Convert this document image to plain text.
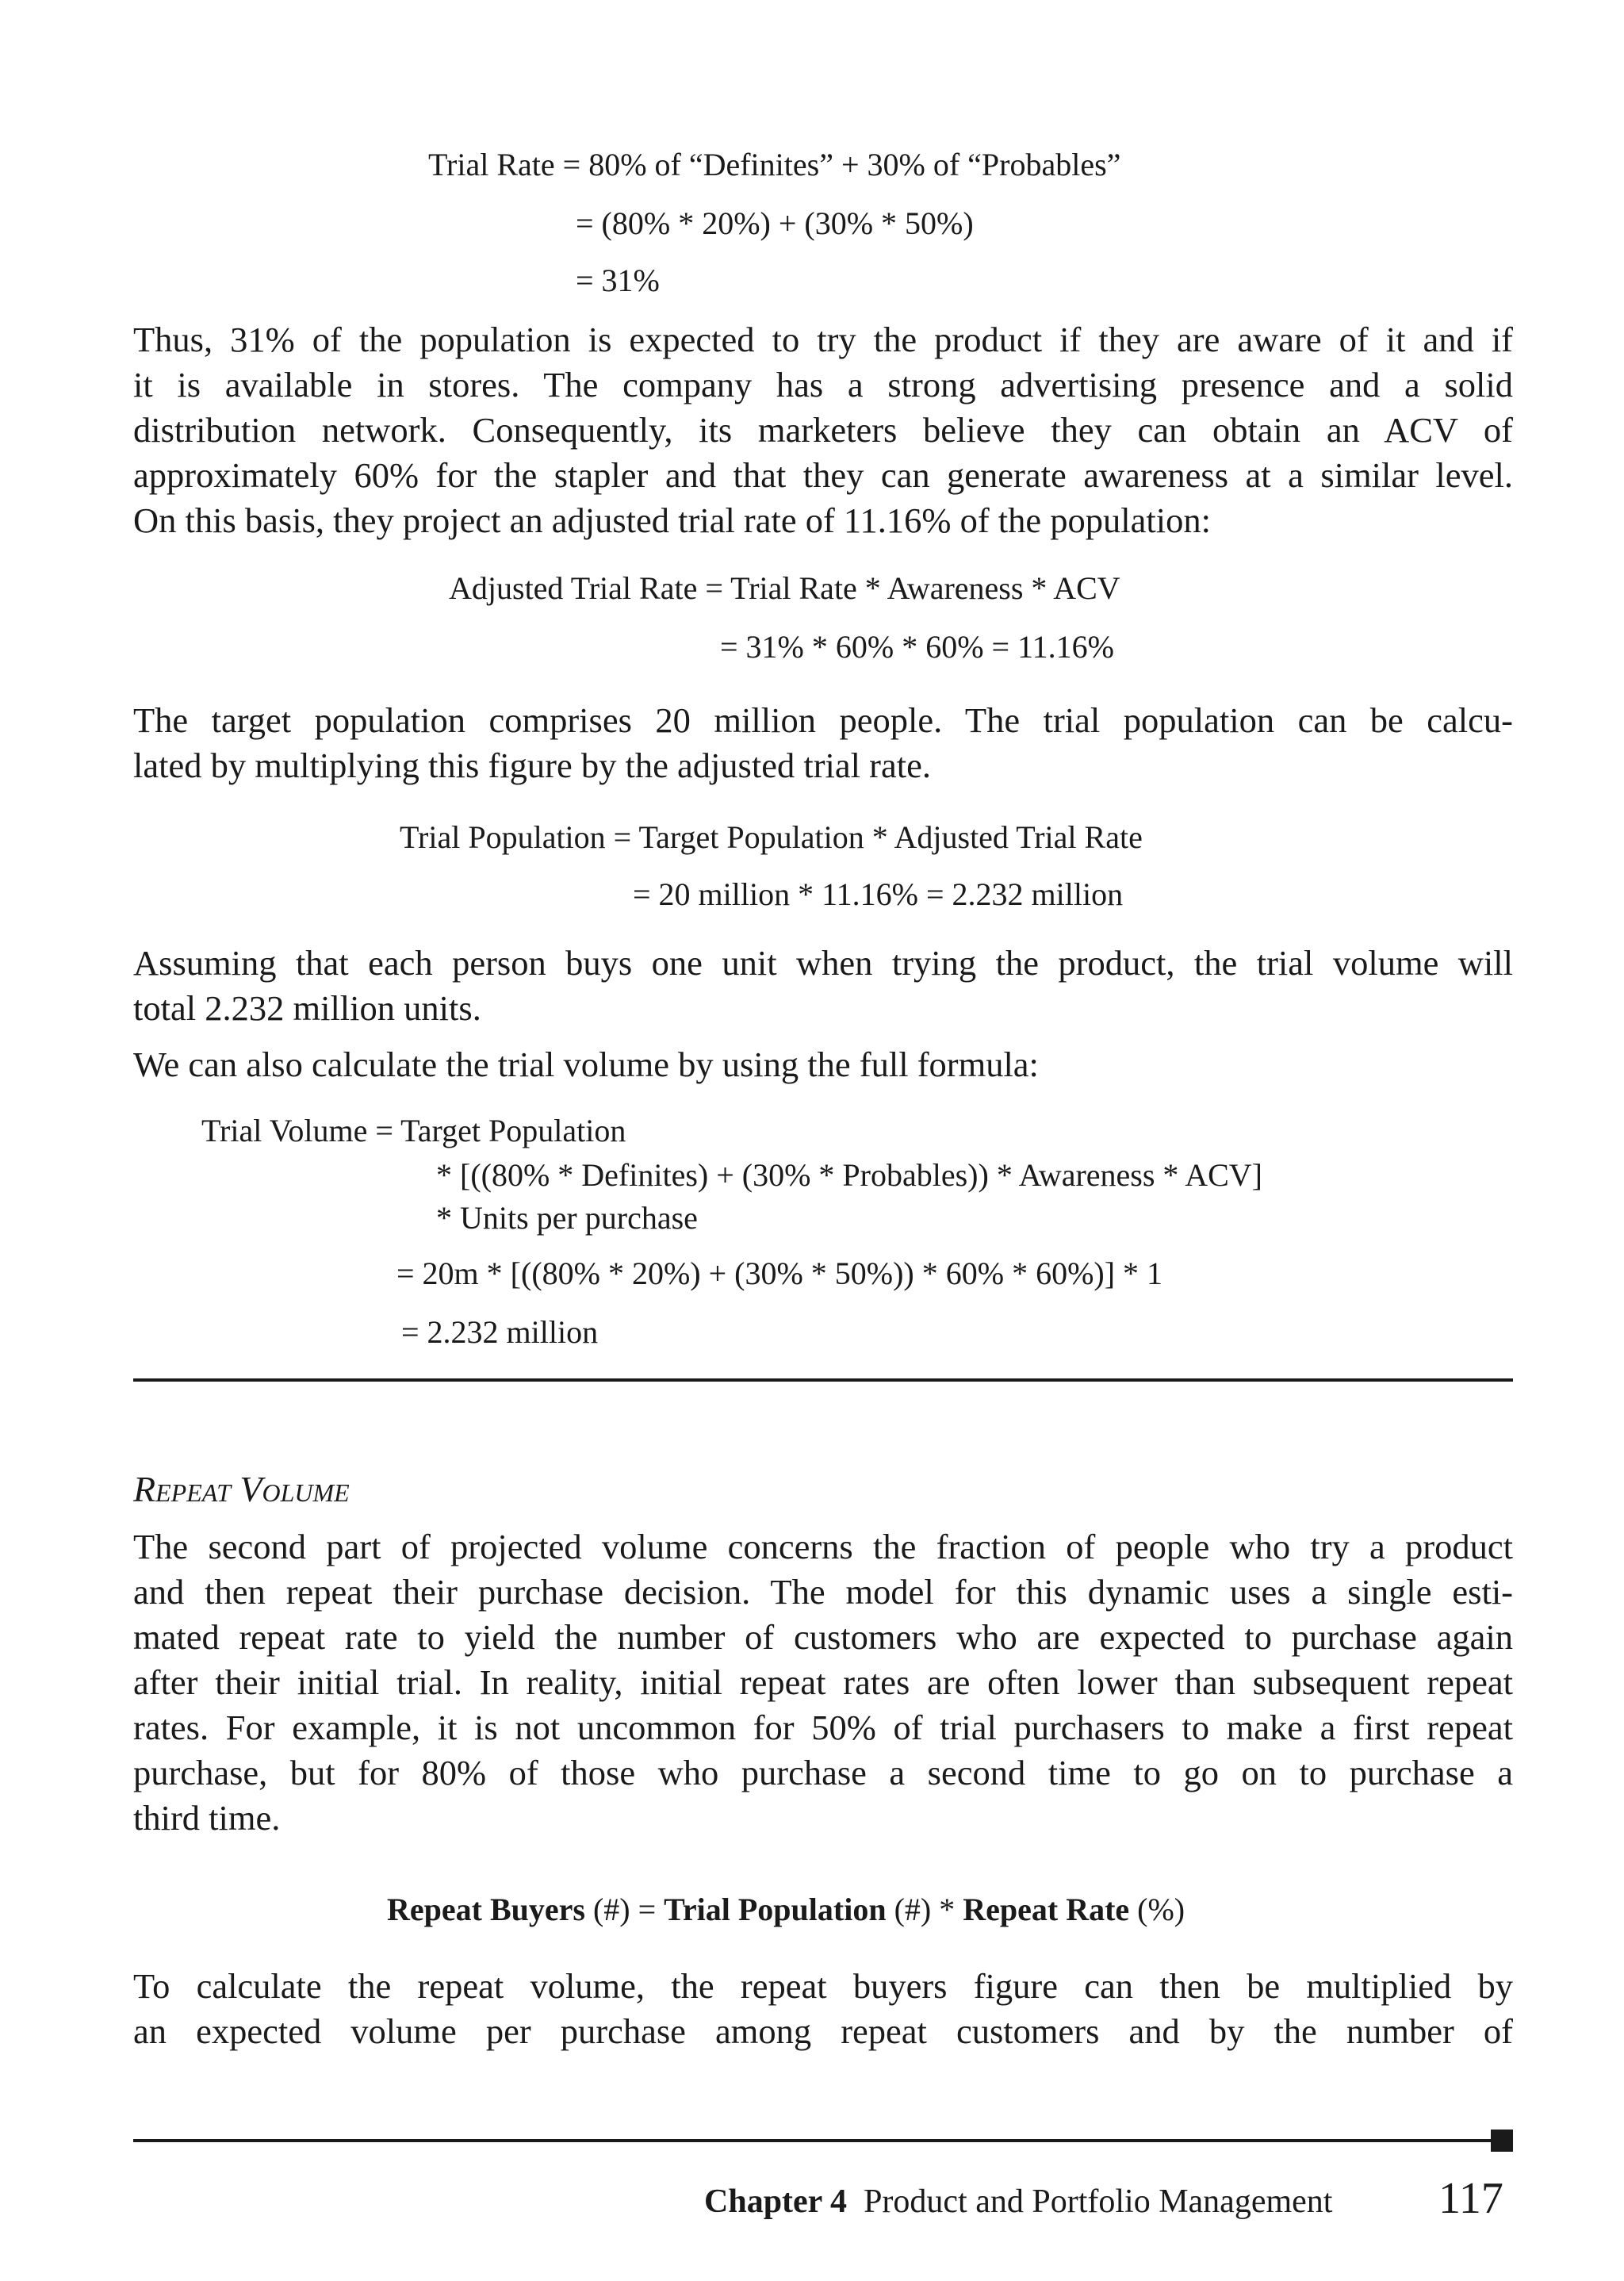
Trial Rate = 80% of “Definites” + 30% of “Probables”
= (80% * 20%) + (30% * 50%)
= 31%
Thus, 31% of the population is expected to try the product if they are aware of it and if
it is available in stores. The company has a strong advertising presence and a solid
distribution network. Consequently, its marketers believe they can obtain an ACV of
approximately 60% for the stapler and that they can generate awareness at a similar level.
On this basis, they project an adjusted trial rate of 11.16% of the population:
Adjusted Trial Rate = Trial Rate * Awareness * ACV
= 31% * 60% * 60% = 11.16%
The target population comprises 20 million people. The trial population can be calcu-
lated by multiplying this figure by the adjusted trial rate.
Trial Population = Target Population * Adjusted Trial Rate
= 20 million * 11.16% = 2.232 million
Assuming that each person buys one unit when trying the product, the trial volume will
total 2.232 million units.
We can also calculate the trial volume by using the full formula:
Trial Volume = Target Population
* [((80% * Definites) + (30% * Probables)) * Awareness * ACV]
* Units per purchase
= 20m * [((80% * 20%) + (30% * 50%)) * 60% * 60%)] * 1
= 2.232 million
Repeat Volume
The second part of projected volume concerns the fraction of people who try a product
and then repeat their purchase decision. The model for this dynamic uses a single esti-
mated repeat rate to yield the number of customers who are expected to purchase again
after their initial trial. In reality, initial repeat rates are often lower than subsequent repeat
rates. For example, it is not uncommon for 50% of trial purchasers to make a first repeat
purchase, but for 80% of those who purchase a second time to go on to purchase a
third time.
Repeat Buyers (#) = Trial Population (#) * Repeat Rate (%)
To calculate the repeat volume, the repeat buyers figure can then be multiplied by
an expected volume per purchase among repeat customers and by the number of
Chapter 4 Product and Portfolio Management 117
